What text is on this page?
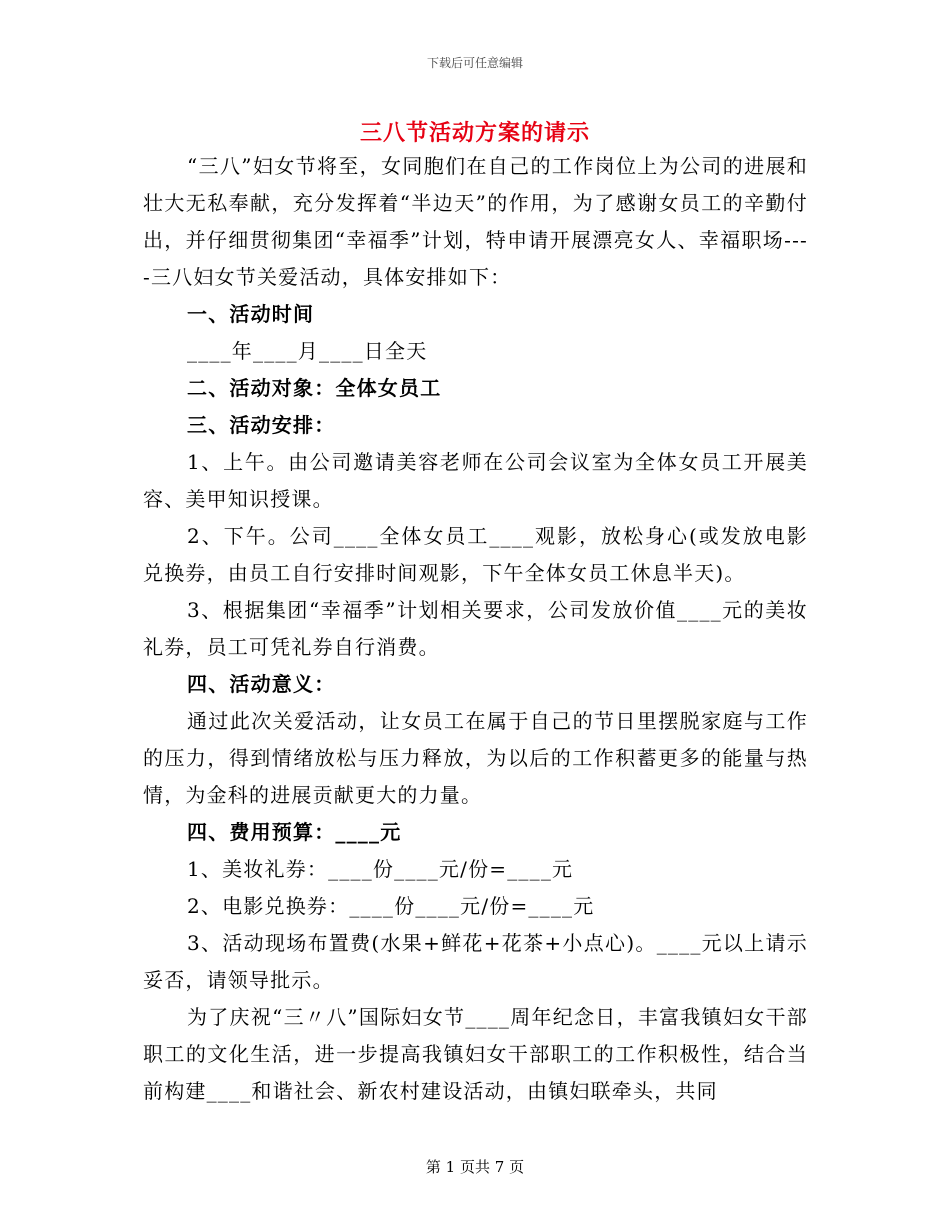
下载后可任意编辑
三八节活动方案的请示

“三八”妇女节将至，女同胞们在自己的工作岗位上为公司的进展和壮大无私奉献，充分发挥着“半边天”的作用，为了感谢女员工的辛勤付出，并仔细贯彻集团“幸福季”计划，特申请开展漂亮女人、幸福职场----三八妇女节关爱活动，具体安排如下：

一、活动时间

____年____月____日全天

二、活动对象：全体女员工

三、活动安排：

1、上午。由公司邀请美容老师在公司会议室为全体女员工开展美容、美甲知识授课。

2、下午。公司____全体女员工____观影，放松身心(或发放电影兑换券，由员工自行安排时间观影，下午全体女员工休息半天)。

3、根据集团“幸福季”计划相关要求，公司发放价值____元的美妆礼券，员工可凭礼券自行消费。

四、活动意义：

通过此次关爱活动，让女员工在属于自己的节日里摆脱家庭与工作的压力，得到情绪放松与压力释放，为以后的工作积蓄更多的能量与热情，为金科的进展贡献更大的力量。

四、费用预算：____元

1、美妆礼券：____份____元/份=____元

2、电影兑换券：____份____元/份=____元

3、活动现场布置费(水果+鲜花+花茶+小点心)。____元以上请示妥否，请领导批示。

为了庆祝“三〃八”国际妇女节____周年纪念日，丰富我镇妇女干部职工的文化生活，进一步提高我镇妇女干部职工的工作积极性，结合当前构建____和谐社会、新农村建设活动，由镇妇联牵头，共同

第 1 页共 7 页
